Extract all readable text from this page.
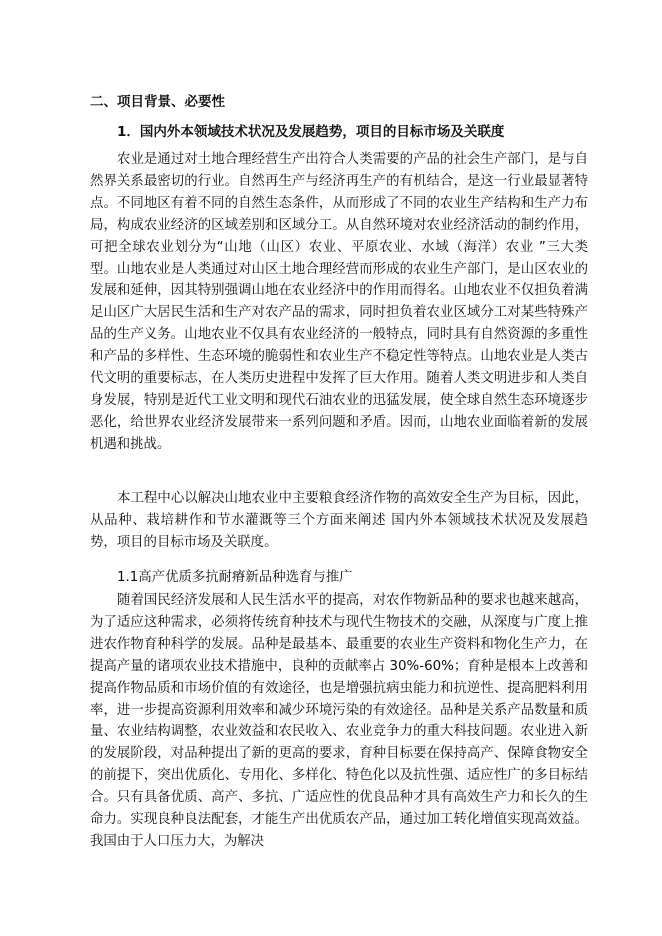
二、项目背景、必要性
1．国内外本领域技术状况及发展趋势，项目的目标市场及关联度

农业是通过对土地合理经营生产出符合人类需要的产品的社会生产部门，是与自然界关系最密切的行业。自然再生产与经济再生产的有机结合，是这一行业最显著特点。不同地区有着不同的自然生态条件，从而形成了不同的农业生产结构和生产力布局，构成农业经济的区域差别和区域分工。从自然环境对农业经济活动的制约作用，可把全球农业划分为“山地（山区）农业、平原农业、水域（海洋）农业 ”三大类型。山地农业是人类通过对山区土地合理经营而形成的农业生产部门，是山区农业的发展和延伸，因其特别强调山地在农业经济中的作用而得名。山地农业不仅担负着满足山区广大居民生活和生产对农产品的需求，同时担负着农业区域分工对某些特殊产品的生产义务。山地农业不仅具有农业经济的一般特点，同时具有自然资源的多重性和产品的多样性、生态环境的脆弱性和农业生产不稳定性等特点。山地农业是人类古代文明的重要标志，在人类历史进程中发挥了巨大作用。随着人类文明进步和人类自身发展，特别是近代工业文明和现代石油农业的迅猛发展，使全球自然生态环境逐步恶化，给世界农业经济发展带来一系列问题和矛盾。因而，山地农业面临着新的发展机遇和挑战。

本工程中心以解决山地农业中主要粮食经济作物的高效安全生产为目标，因此，从品种、栽培耕作和节水灌溉等三个方面来阐述 国内外本领域技术状况及发展趋势，项目的目标市场及关联度。

1.1高产优质多抗耐瘠新品种选育与推广

随着国民经济发展和人民生活水平的提高，对农作物新品种的要求也越来越高，为了适应这种需求，必须将传统育种技术与现代生物技术的交融，从深度与广度上推进农作物育种科学的发展。品种是最基本、最重要的农业生产资料和物化生产力，在提高产量的诸项农业技术措施中，良种的贡献率占 30%-60%；育种是根本上改善和提高作物品质和市场价值的有效途径，也是增强抗病虫能力和抗逆性、提高肥料利用率，进一步提高资源利用效率和减少环境污染的有效途径。品种是关系产品数量和质量、农业结构调整，农业效益和农民收入、农业竞争力的重大科技问题。农业进入新的发展阶段，对品种提出了新的更高的要求，育种目标要在保持高产、保障食物安全的前提下，突出优质化、专用化、多样化、特色化以及抗性强、适应性广的多目标结合。只有具备优质、高产、多抗、广适应性的优良品种才具有高效生产力和长久的生命力。实现良种良法配套，才能生产出优质农产品，通过加工转化增值实现高效益。我国由于人口压力大，为解决
